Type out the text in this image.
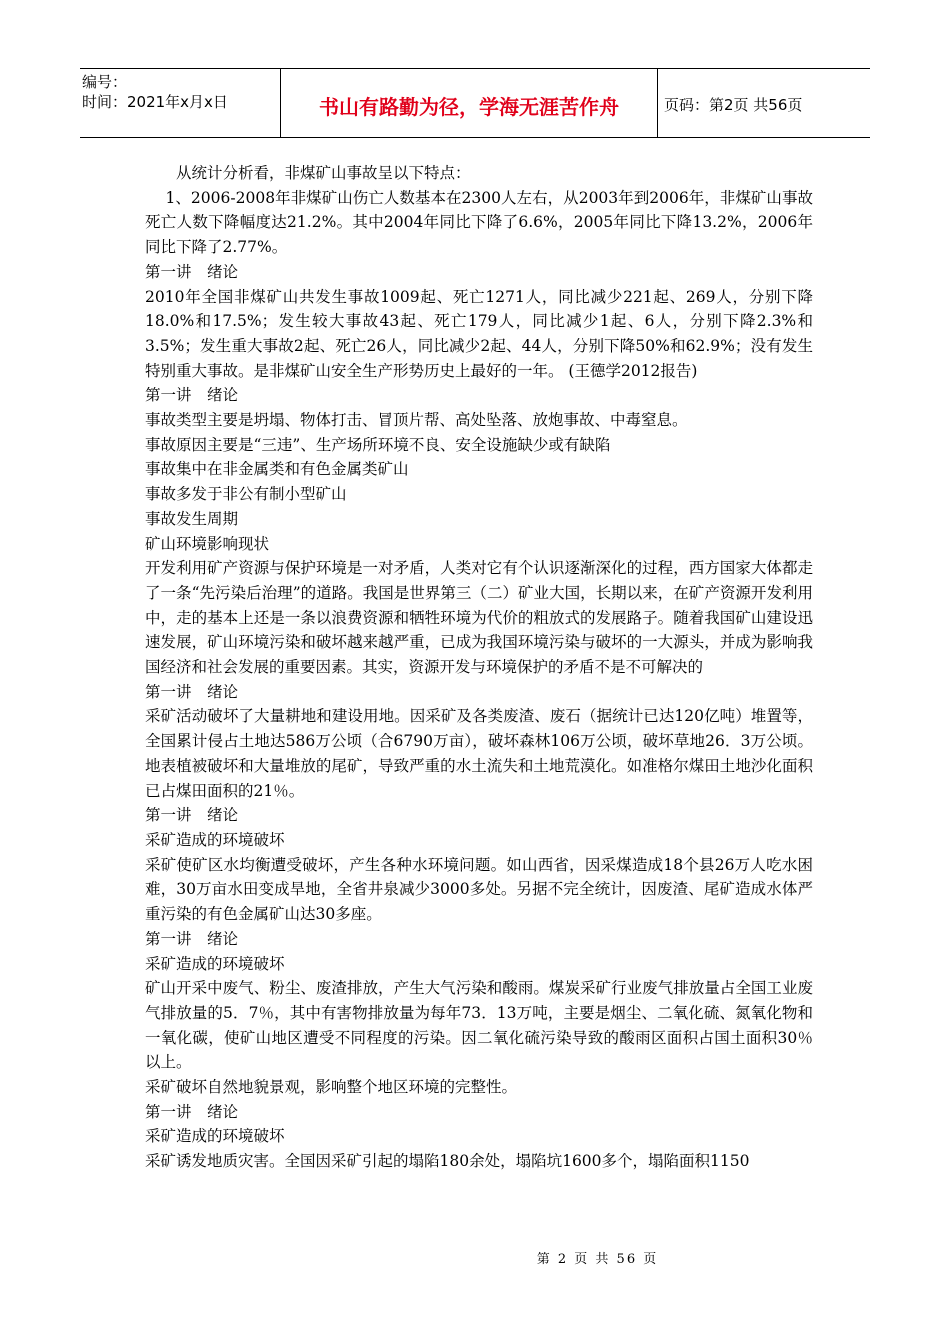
编号：
时间：2021年x月x日	书山有路勤为径，学海无涯苦作舟	页码：第2页 共56页

　　从统计分析看，非煤矿山事故呈以下特点：

　 1、2006-2008年非煤矿山伤亡人数基本在2300人左右，从2003年到2006年，非煤矿山事故死亡人数下降幅度达21.2%。其中2004年同比下降了6.6%，2005年同比下降13.2%，2006年同比下降了2.77%。

第一讲　绪论

2010年全国非煤矿山共发生事故1009起、死亡1271人，同比减少221起、269人，分别下降18.0%和17.5%；发生较大事故43起、死亡179人，同比减少1起、6人，分别下降2.3%和3.5%；发生重大事故2起、死亡26人，同比减少2起、44人，分别下降50%和62.9%；没有发生特别重大事故。是非煤矿山安全生产形势历史上最好的一年。 (王德学2012报告)

第一讲　绪论

事故类型主要是坍塌、物体打击、冒顶片帮、高处坠落、放炮事故、中毒窒息。

事故原因主要是“三违”、生产场所环境不良、安全设施缺少或有缺陷

事故集中在非金属类和有色金属类矿山

事故多发于非公有制小型矿山

事故发生周期

矿山环境影响现状

开发利用矿产资源与保护环境是一对矛盾，人类对它有个认识逐渐深化的过程，西方国家大体都走了一条“先污染后治理”的道路。我国是世界第三（二）矿业大国，长期以来，在矿产资源开发利用中，走的基本上还是一条以浪费资源和牺牲环境为代价的粗放式的发展路子。随着我国矿山建设迅速发展，矿山环境污染和破坏越来越严重，已成为我国环境污染与破坏的一大源头，并成为影响我国经济和社会发展的重要因素。其实，资源开发与环境保护的矛盾不是不可解决的

第一讲　绪论

采矿活动破坏了大量耕地和建设用地。因采矿及各类废渣、废石（据统计已达120亿吨）堆置等，全国累计侵占土地达586万公顷（合6790万亩），破坏森林106万公顷，破坏草地26．3万公顷。地表植被破坏和大量堆放的尾矿，导致严重的水土流失和土地荒漠化。如准格尔煤田土地沙化面积已占煤田面积的21％。

第一讲　绪论

采矿造成的环境破坏

采矿使矿区水均衡遭受破坏，产生各种水环境问题。如山西省，因采煤造成18个县26万人吃水困难，30万亩水田变成旱地，全省井泉减少3000多处。另据不完全统计，因废渣、尾矿造成水体严重污染的有色金属矿山达30多座。

第一讲　绪论

采矿造成的环境破坏

矿山开采中废气、粉尘、废渣排放，产生大气污染和酸雨。煤炭采矿行业废气排放量占全国工业废气排放量的5．7％，其中有害物排放量为每年73．13万吨，主要是烟尘、二氧化硫、氮氧化物和一氧化碳，使矿山地区遭受不同程度的污染。因二氧化硫污染导致的酸雨区面积占国土面积30％以上。

采矿破坏自然地貌景观，影响整个地区环境的完整性。

第一讲　绪论

采矿造成的环境破坏

采矿诱发地质灾害。全国因采矿引起的塌陷180余处，塌陷坑1600多个，塌陷面积1150

第 2 页 共 56 页
